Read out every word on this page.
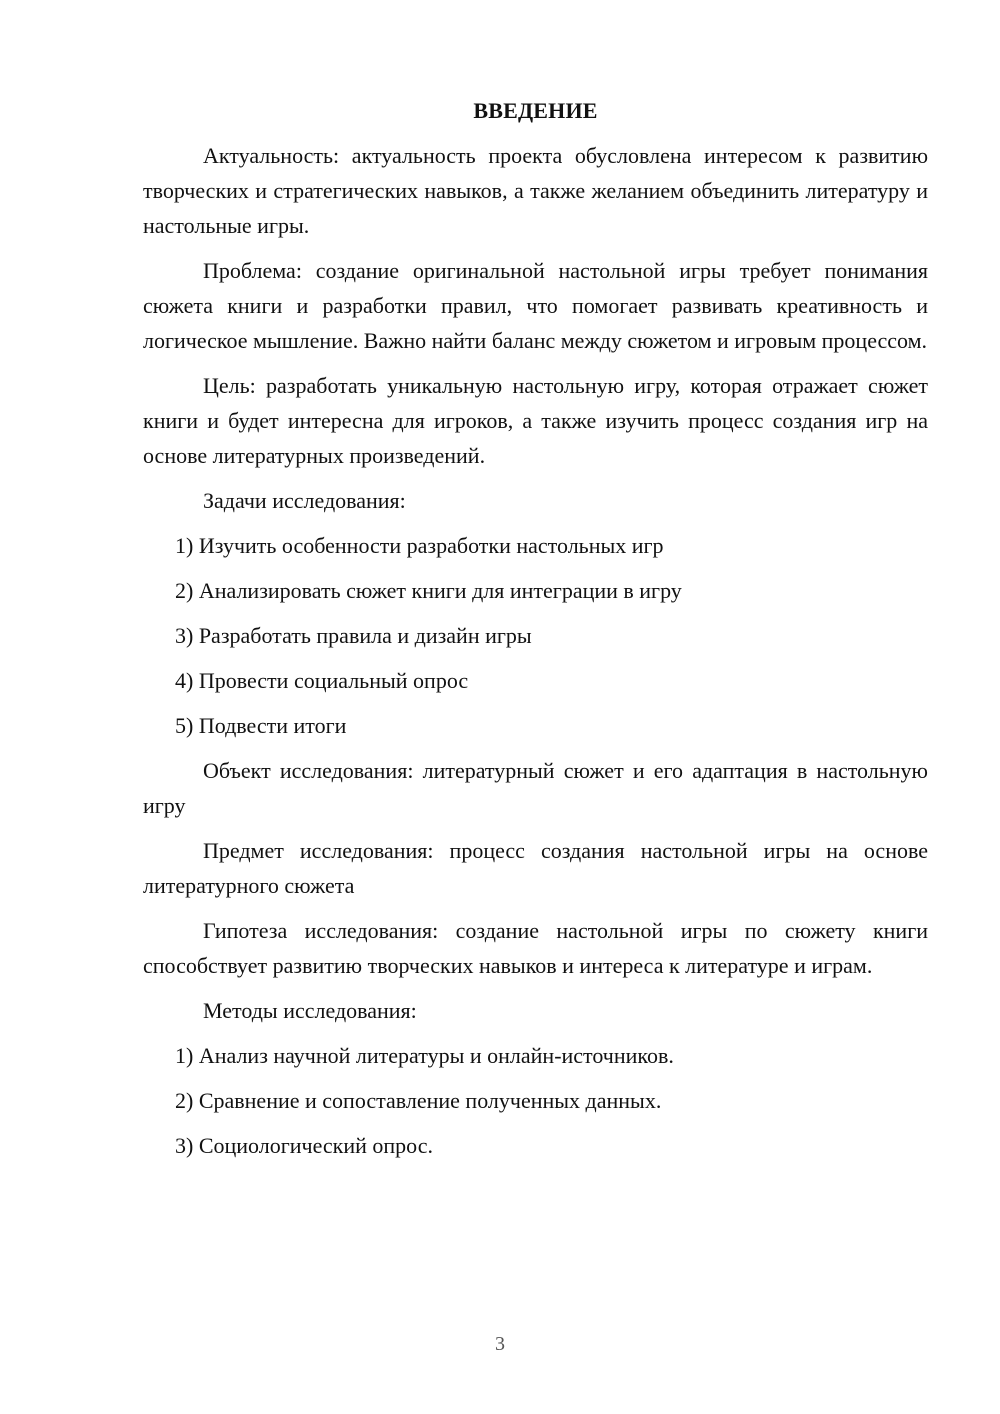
ВВЕДЕНИЕ

Актуальность: актуальность проекта обусловлена интересом к развитию творческих и стратегических навыков, а также желанием объединить литературу и настольные игры.

Проблема: создание оригинальной настольной игры требует понимания сюжета книги и разработки правил, что помогает развивать креативность и логическое мышление. Важно найти баланс между сюжетом и игровым процессом.

Цель: разработать уникальную настольную игру, которая отражает сюжет книги и будет интересна для игроков, а также изучить процесс создания игр на основе литературных произведений.

Задачи исследования:

1) Изучить особенности разработки настольных игр
2) Анализировать сюжет книги для интеграции в игру
3) Разработать правила и дизайн игры
4) Провести социальный опрос
5) Подвести итоги

Объект исследования: литературный сюжет и его адаптация в настольную игру

Предмет исследования: процесс создания настольной игры на основе литературного сюжета

Гипотеза исследования: создание настольной игры по сюжету книги способствует развитию творческих навыков и интереса к литературе и играм.

Методы исследования:

1) Анализ научной литературы и онлайн-источников.
2) Сравнение и сопоставление полученных данных.
3) Социологический опрос.
3
